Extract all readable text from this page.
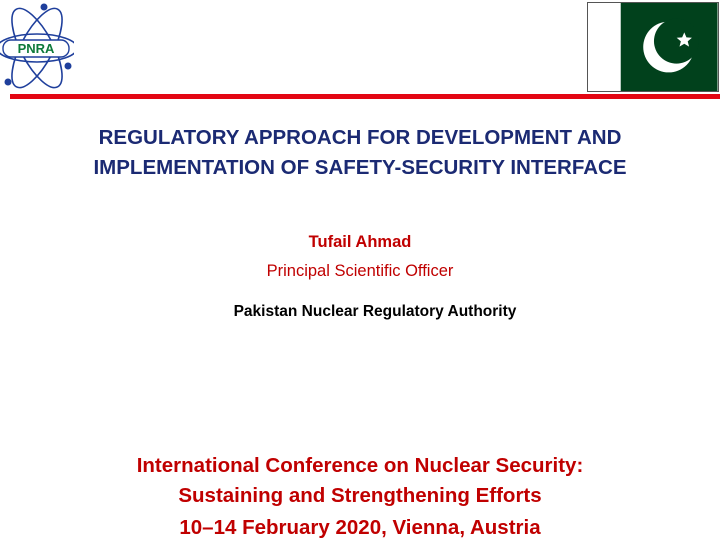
PNRA
REGULATORY APPROACH FOR DEVELOPMENT AND
IMPLEMENTATION OF SAFETY-SECURITY INTERFACE

Tufail Ahmad

Principal Scientific Officer

Pakistan Nuclear Regulatory Authority

International Conference on Nuclear Security:
Sustaining and Strengthening Efforts
10–14 February 2020, Vienna, Austria
